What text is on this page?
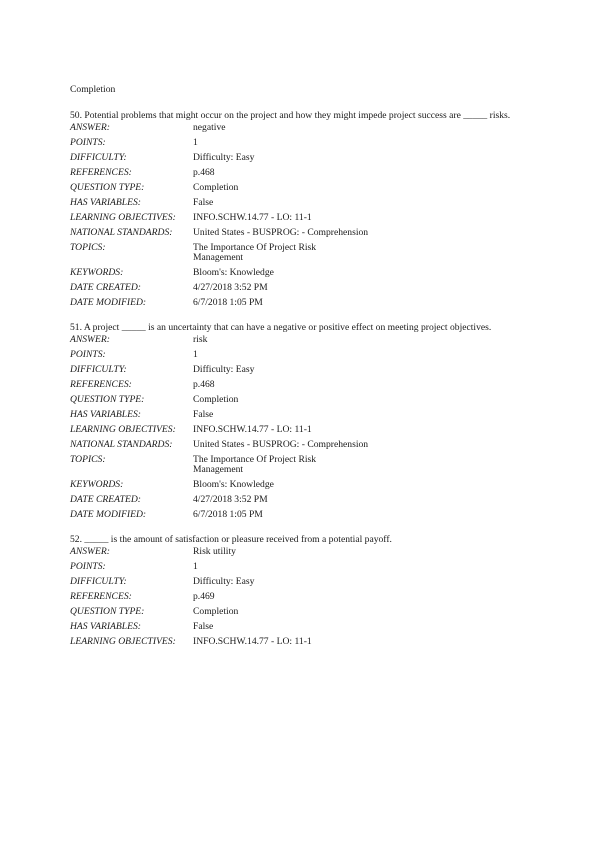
Completion
50. Potential problems that might occur on the project and how they might impede project success are _____ risks.
ANSWER:	negative
POINTS:	1
DIFFICULTY:	Difficulty: Easy
REFERENCES:	p.468
QUESTION TYPE:	Completion
HAS VARIABLES:	False
LEARNING OBJECTIVES:	INFO.SCHW.14.77 - LO: 11-1
NATIONAL STANDARDS:	United States - BUSPROG: - Comprehension
TOPICS:	The Importance Of Project Risk Management
KEYWORDS:	Bloom's: Knowledge
DATE CREATED:	4/27/2018 3:52 PM
DATE MODIFIED:	6/7/2018 1:05 PM
51. A project _____ is an uncertainty that can have a negative or positive effect on meeting project objectives.
ANSWER:	risk
POINTS:	1
DIFFICULTY:	Difficulty: Easy
REFERENCES:	p.468
QUESTION TYPE:	Completion
HAS VARIABLES:	False
LEARNING OBJECTIVES:	INFO.SCHW.14.77 - LO: 11-1
NATIONAL STANDARDS:	United States - BUSPROG: - Comprehension
TOPICS:	The Importance Of Project Risk Management
KEYWORDS:	Bloom's: Knowledge
DATE CREATED:	4/27/2018 3:52 PM
DATE MODIFIED:	6/7/2018 1:05 PM
52. _____ is the amount of satisfaction or pleasure received from a potential payoff.
ANSWER:	Risk utility
POINTS:	1
DIFFICULTY:	Difficulty: Easy
REFERENCES:	p.469
QUESTION TYPE:	Completion
HAS VARIABLES:	False
LEARNING OBJECTIVES:	INFO.SCHW.14.77 - LO: 11-1
